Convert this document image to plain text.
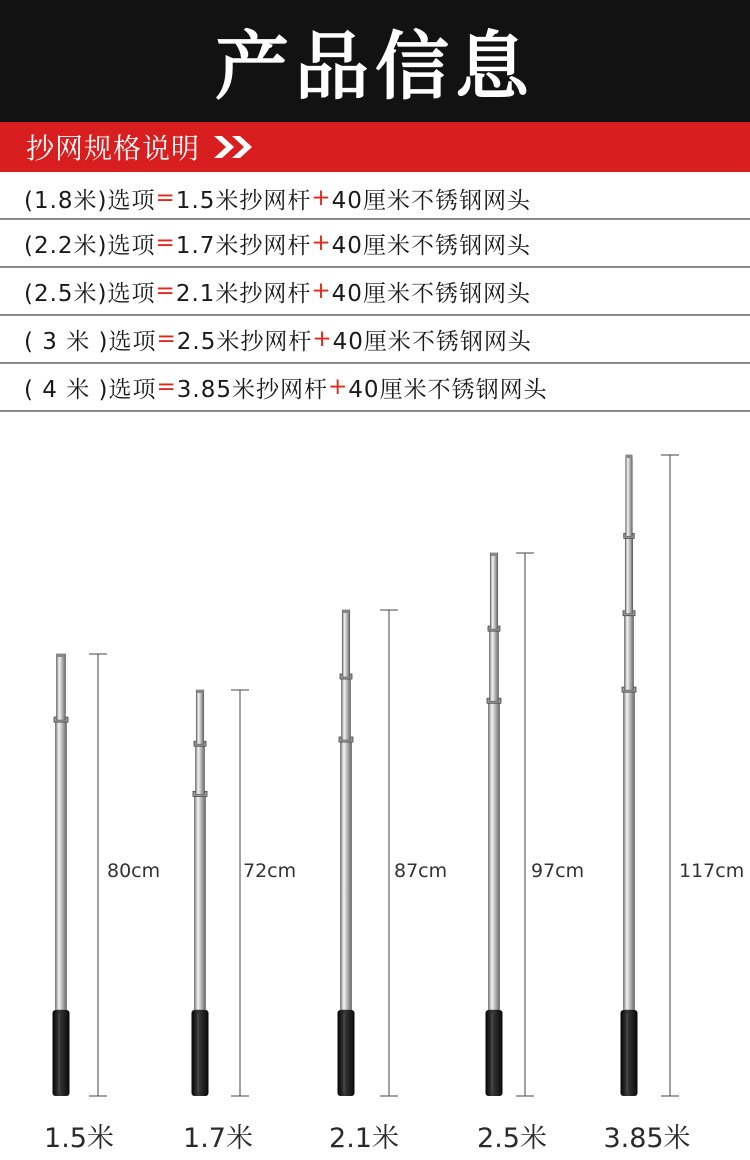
产品信息
抄网规格说明
(1.8米)选项 = 1.5米抄网杆 + 40厘米不锈钢网头
(2.2米)选项 = 1.7米抄网杆 + 40厘米不锈钢网头
(2.5米)选项 = 2.1米抄网杆 + 40厘米不锈钢网头
( 3 米 )选项 = 2.5米抄网杆 + 40厘米不锈钢网头
( 4 米 )选项 = 3.85米抄网杆 + 40厘米不锈钢网头
80cm
1.5米
72cm
1.7米
87cm
2.1米
97cm
2.5米
117cm
3.85米
